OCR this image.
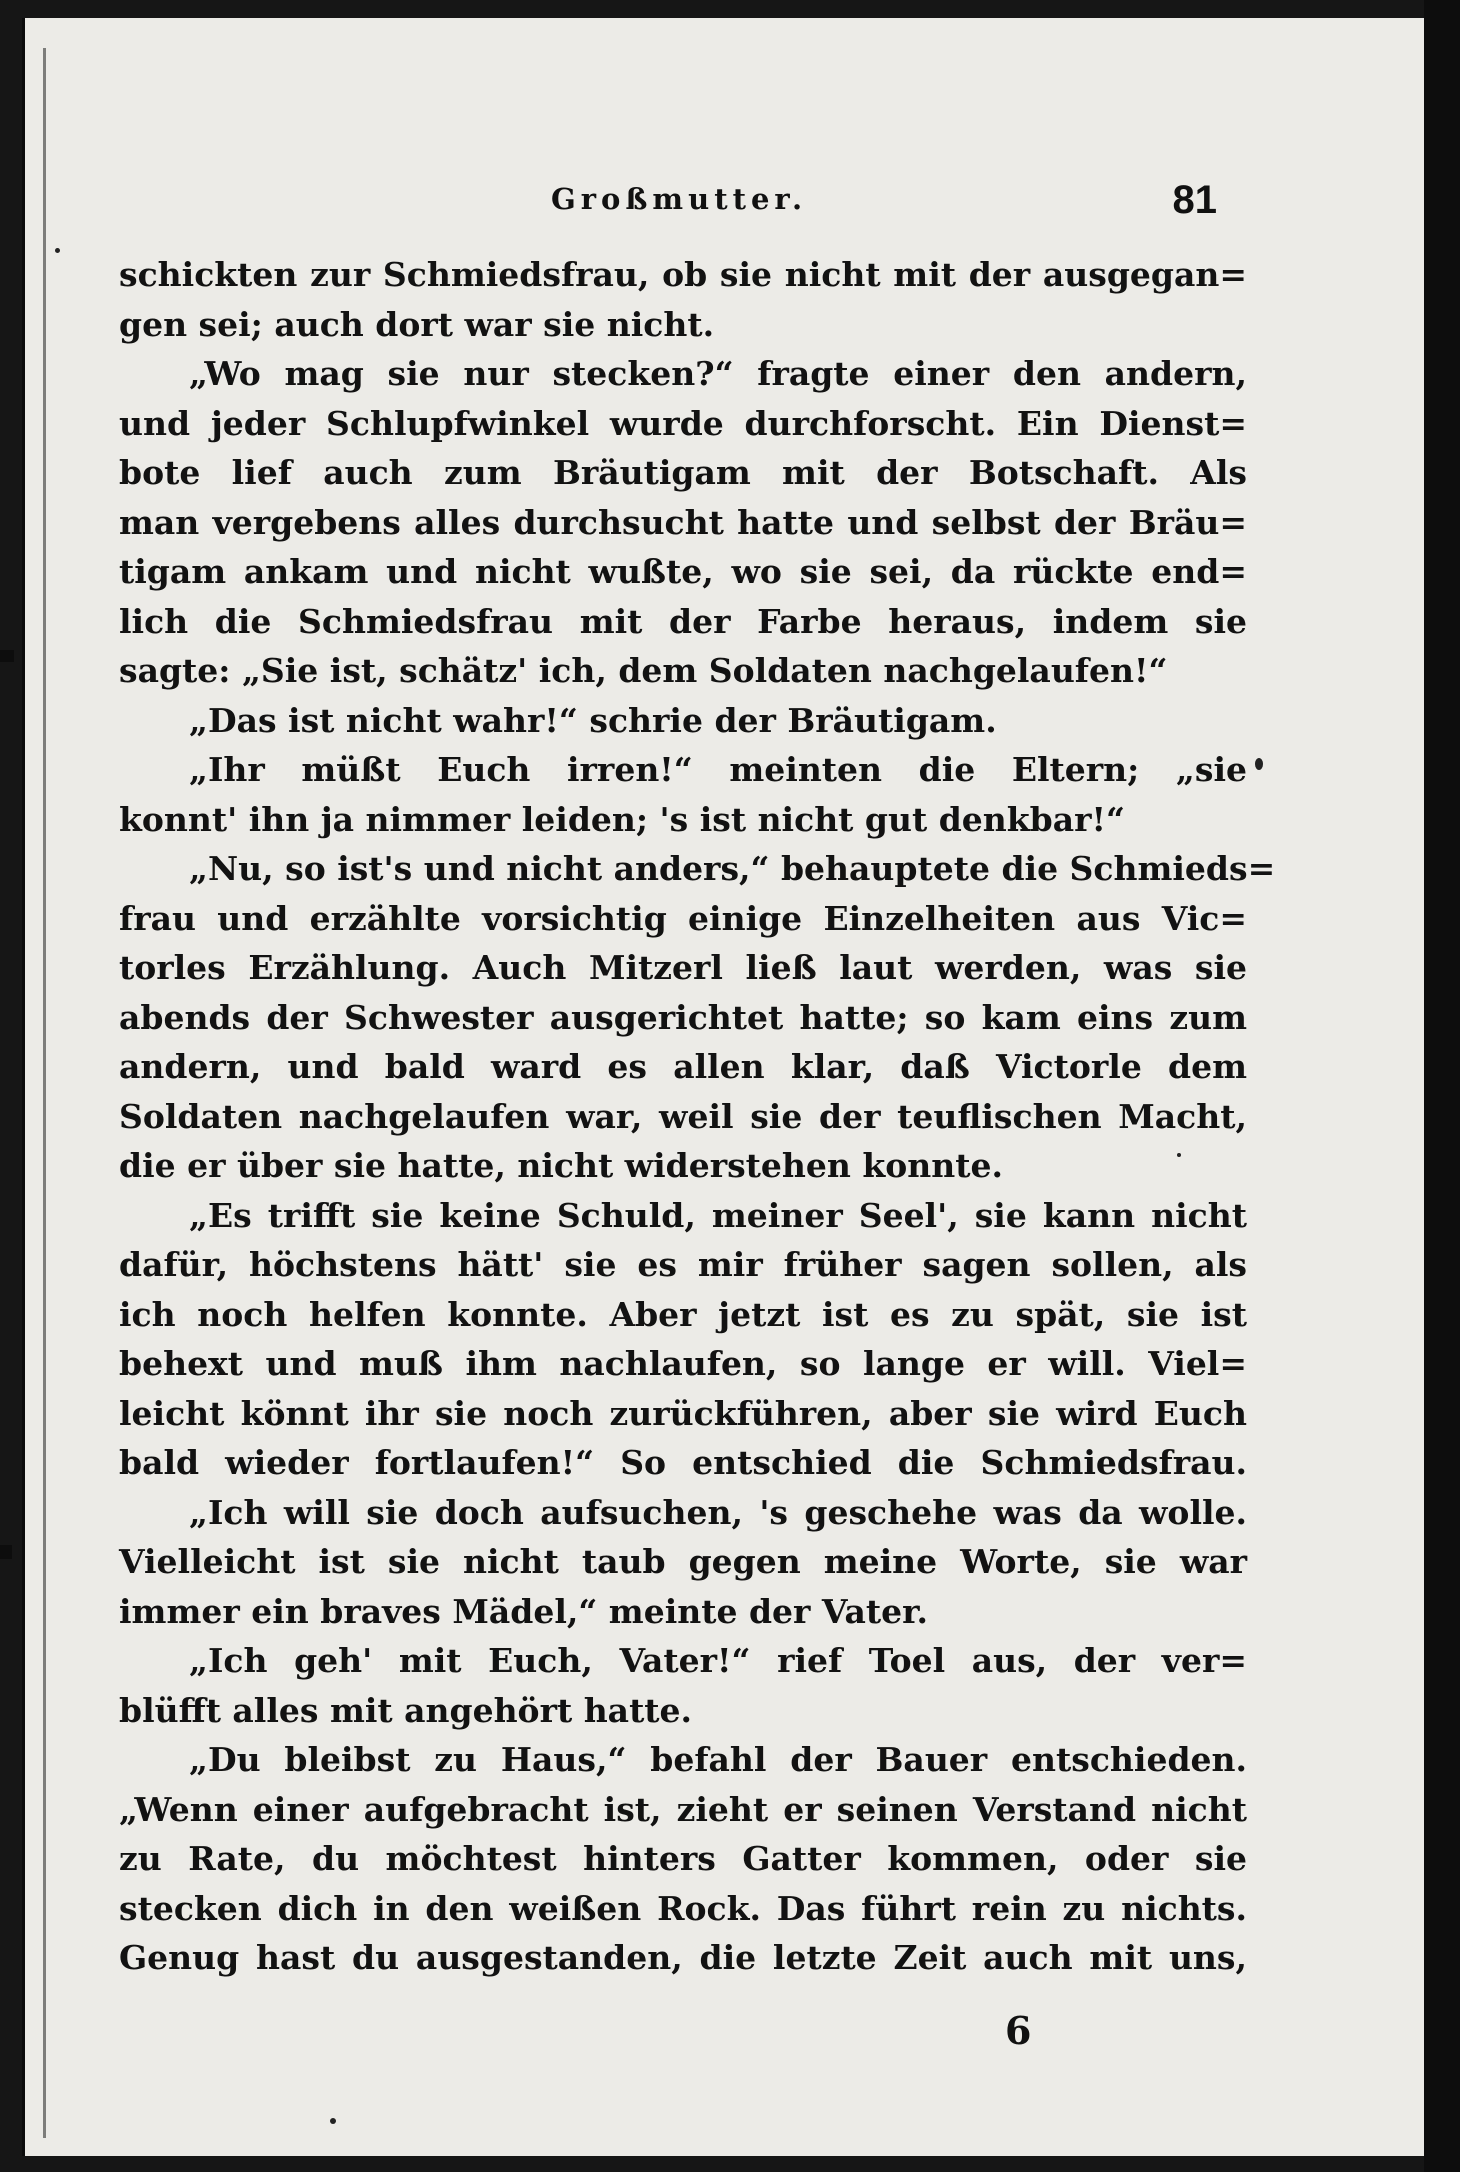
Großmutter.	81
schickten zur Schmiedsfrau, ob sie nicht mit der ausgegan=
gen sei; auch dort war sie nicht.
„Wo mag sie nur stecken?“ fragte einer den andern,
und jeder Schlupfwinkel wurde durchforscht. Ein Dienst=
bote lief auch zum Bräutigam mit der Botschaft. Als
man vergebens alles durchsucht hatte und selbst der Bräu=
tigam ankam und nicht wußte, wo sie sei, da rückte end=
lich die Schmiedsfrau mit der Farbe heraus, indem sie
sagte: „Sie ist, schätz' ich, dem Soldaten nachgelaufen!“
„Das ist nicht wahr!“ schrie der Bräutigam.
„Ihr müßt Euch irren!“ meinten die Eltern; „sie
konnt' ihn ja nimmer leiden; 's ist nicht gut denkbar!“
„Nu, so ist's und nicht anders,“ behauptete die Schmieds=
frau und erzählte vorsichtig einige Einzelheiten aus Vic=
torles Erzählung. Auch Mitzerl ließ laut werden, was sie
abends der Schwester ausgerichtet hatte; so kam eins zum
andern, und bald ward es allen klar, daß Victorle dem
Soldaten nachgelaufen war, weil sie der teuflischen Macht,
die er über sie hatte, nicht widerstehen konnte.
„Es trifft sie keine Schuld, meiner Seel', sie kann nicht
dafür, höchstens hätt' sie es mir früher sagen sollen, als
ich noch helfen konnte. Aber jetzt ist es zu spät, sie ist
behext und muß ihm nachlaufen, so lange er will. Viel=
leicht könnt ihr sie noch zurückführen, aber sie wird Euch
bald wieder fortlaufen!“ So entschied die Schmiedsfrau.
„Ich will sie doch aufsuchen, 's geschehe was da wolle.
Vielleicht ist sie nicht taub gegen meine Worte, sie war
immer ein braves Mädel,“ meinte der Vater.
„Ich geh' mit Euch, Vater!“ rief Toel aus, der ver=
blüfft alles mit angehört hatte.
„Du bleibst zu Haus,“ befahl der Bauer entschieden.
„Wenn einer aufgebracht ist, zieht er seinen Verstand nicht
zu Rate, du möchtest hinters Gatter kommen, oder sie
stecken dich in den weißen Rock. Das führt rein zu nichts.
Genug hast du ausgestanden, die letzte Zeit auch mit uns,
6
